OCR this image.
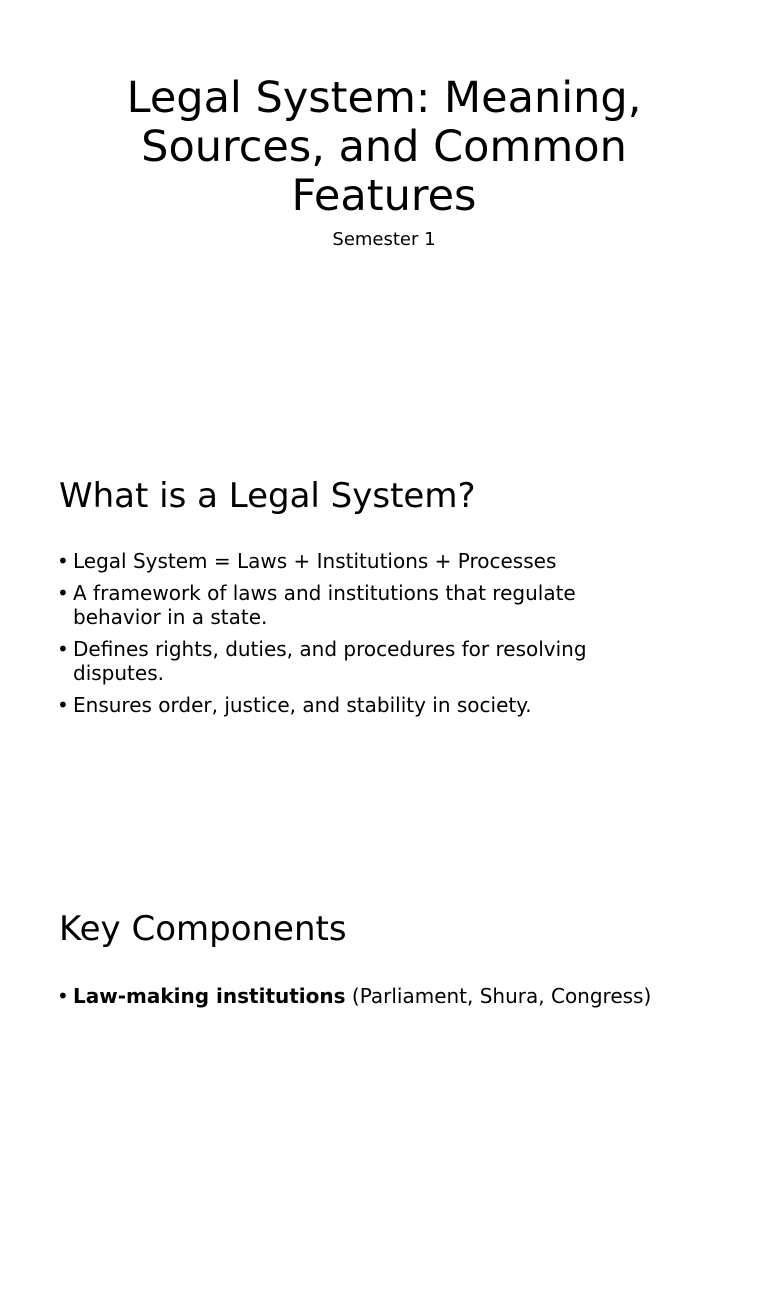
Legal System: Meaning,
Sources, and Common
Features

Semester 1

What is a Legal System?
• Legal System = Laws + Institutions + Processes
• A framework of laws and institutions that regulate behavior in a state.
• Defines rights, duties, and procedures for resolving disputes.
• Ensures order, justice, and stability in society.
Key Components
• Law-making institutions (Parliament, Shura, Congress)
